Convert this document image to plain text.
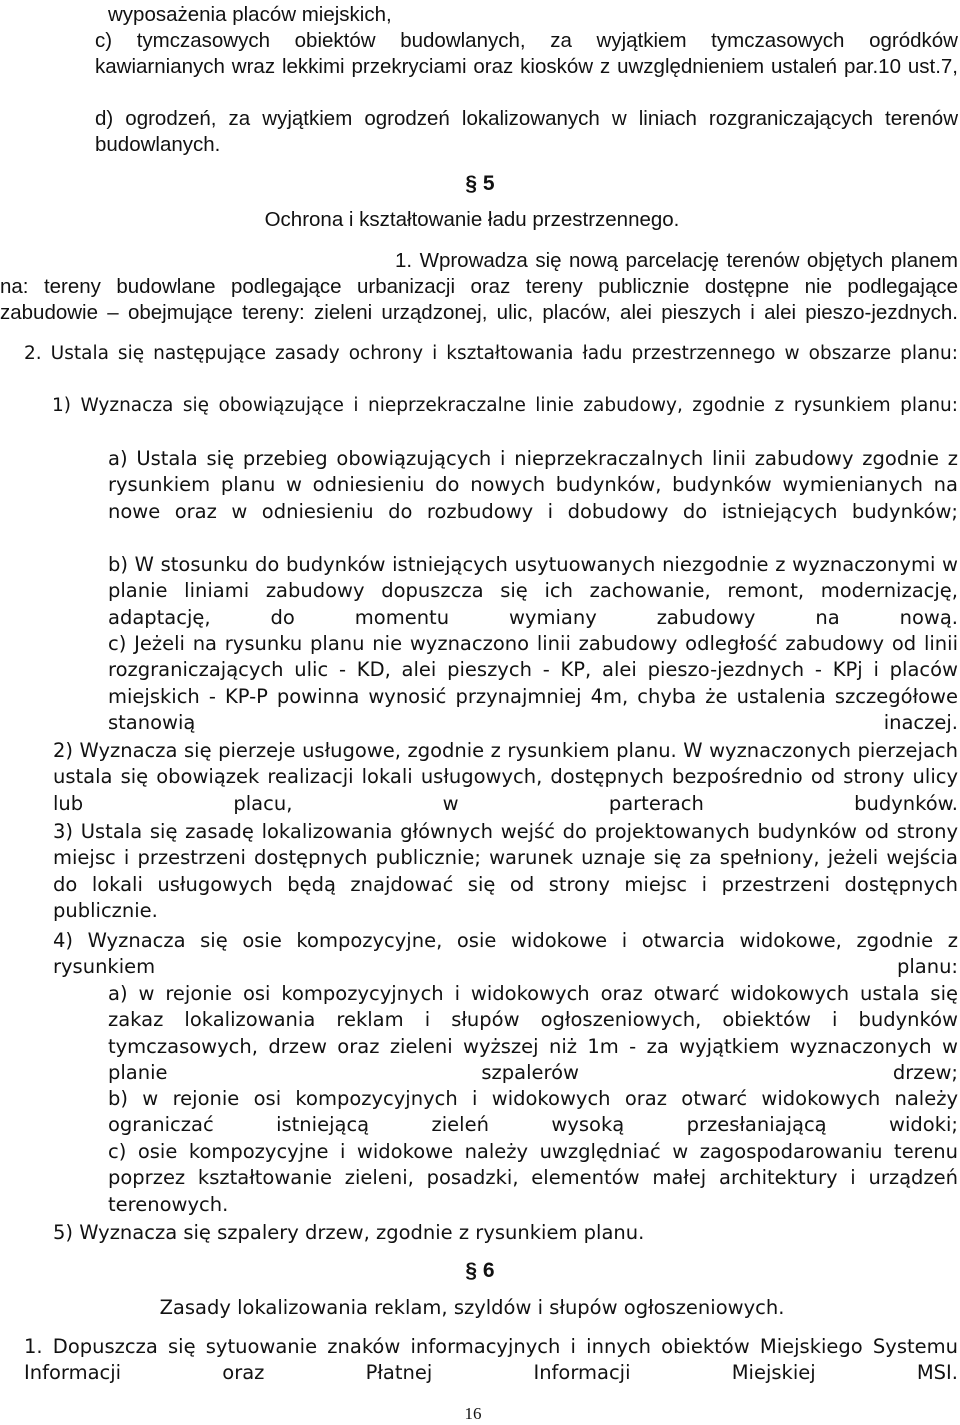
wyposażenia placów miejskich,

c) tymczasowych obiektów budowlanych, za wyjątkiem tymczasowych ogródków kawiarnianych wraz lekkimi przekryciami oraz kiosków z uwzględnieniem ustaleń par.10 ust.7,

d) ogrodzeń, za wyjątkiem ogrodzeń lokalizowanych w liniach rozgraniczających terenów budowlanych.

§ 5
Ochrona i kształtowanie ładu przestrzennego.

1. Wprowadza się nową parcelację terenów objętych planem na: tereny budowlane podlegające urbanizacji oraz tereny publicznie dostępne nie podlegające zabudowie – obejmujące tereny: zieleni urządzonej, ulic, placów, alei pieszych i alei pieszo-jezdnych.

2. Ustala się następujące zasady ochrony i kształtowania ładu przestrzennego w obszarze planu:

1) Wyznacza się obowiązujące i nieprzekraczalne linie zabudowy, zgodnie z rysunkiem planu:

a) Ustala się przebieg obowiązujących i nieprzekraczalnych linii zabudowy zgodnie z rysunkiem planu w odniesieniu do nowych budynków, budynków wymienianych na nowe oraz w odniesieniu do rozbudowy i dobudowy do istniejących budynków;

b) W stosunku do budynków istniejących usytuowanych niezgodnie z wyznaczonymi w planie liniami zabudowy dopuszcza się ich zachowanie, remont, modernizację, adaptację, do momentu wymiany zabudowy na nową.

c) Jeżeli na rysunku planu nie wyznaczono linii zabudowy odległość zabudowy od linii rozgraniczających ulic - KD, alei pieszych - KP, alei pieszo-jezdnych - KPj i placów miejskich - KP-P powinna wynosić przynajmniej 4m, chyba że ustalenia szczegółowe stanowią inaczej.

2) Wyznacza się pierzeje usługowe, zgodnie z rysunkiem planu. W wyznaczonych pierzejach ustala się obowiązek realizacji lokali usługowych, dostępnych bezpośrednio od strony ulicy lub placu, w parterach budynków.

3) Ustala się zasadę lokalizowania głównych wejść do projektowanych budynków od strony miejsc i przestrzeni dostępnych publicznie; warunek uznaje się za spełniony, jeżeli wejścia do lokali usługowych będą znajdować się od strony miejsc i przestrzeni dostępnych publicznie.

4) Wyznacza się osie kompozycyjne, osie widokowe i otwarcia widokowe, zgodnie z rysunkiem planu:

a) w rejonie osi kompozycyjnych i widokowych oraz otwarć widokowych ustala się zakaz lokalizowania reklam i słupów ogłoszeniowych, obiektów i budynków tymczasowych, drzew oraz zieleni wyższej niż 1m - za wyjątkiem wyznaczonych w planie szpalerów drzew;

b) w rejonie osi kompozycyjnych i widokowych oraz otwarć widokowych należy ograniczać istniejącą zieleń wysoką przesłaniającą widoki;

c) osie kompozycyjne i widokowe należy uwzględniać w zagospodarowaniu terenu poprzez kształtowanie zieleni, posadzki, elementów małej architektury i urządzeń terenowych.

5) Wyznacza się szpalery drzew, zgodnie z rysunkiem planu.

§ 6
Zasady lokalizowania reklam, szyldów i słupów ogłoszeniowych.

1. Dopuszcza się sytuowanie znaków informacyjnych i innych obiektów Miejskiego Systemu Informacji oraz Płatnej Informacji Miejskiej MSI.

16
